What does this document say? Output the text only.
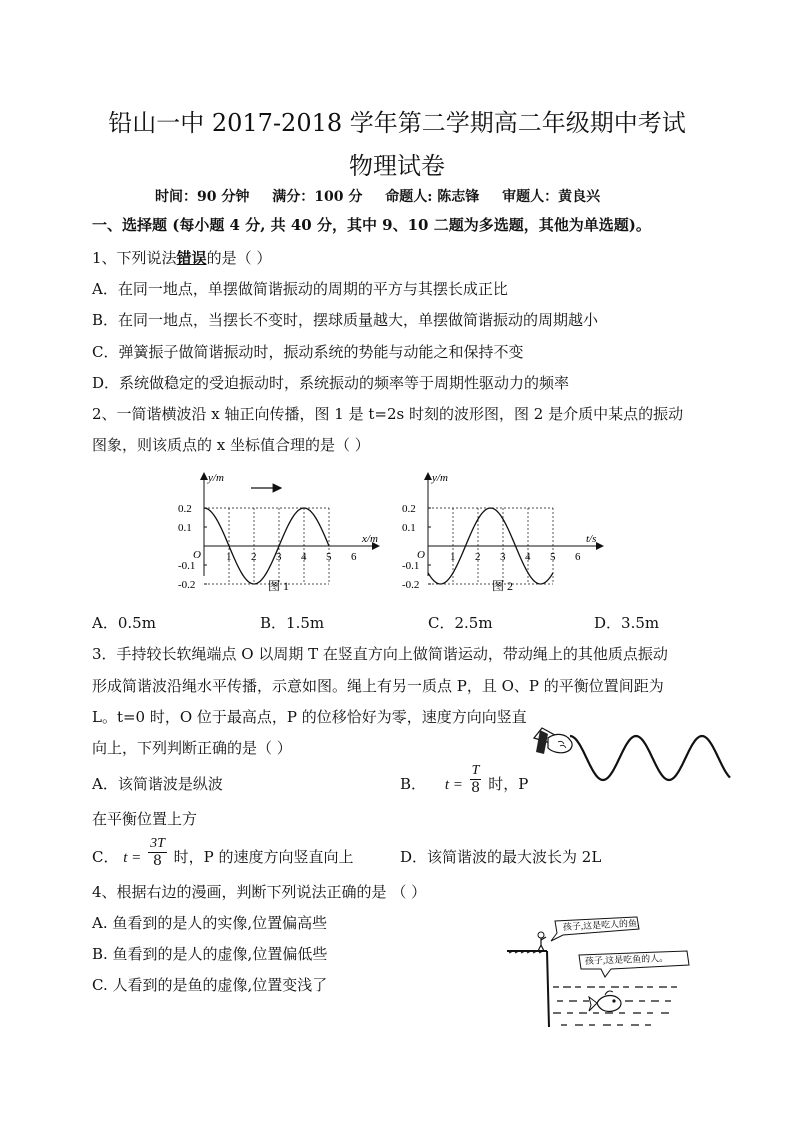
铅山一中 2017-2018 学年第二学期高二年级期中考试
物理试卷
时间：90 分钟 满分：100 分 命题人: 陈志锋 审题人：黄良兴
一、选择题 (每小题 4 分, 共 40 分，其中 9、10 二题为多选题，其他为单选题)。
1、下列说法错误的是（ ）
A．在同一地点，单摆做简谐振动的周期的平方与其摆长成正比
B．在同一地点，当摆长不变时，摆球质量越大，单摆做简谐振动的周期越小
C．弹簧振子做简谐振动时，振动系统的势能与动能之和保持不变
D．系统做稳定的受迫振动时，系统振动的频率等于周期性驱动力的频率
2、一简谐横波沿 x 轴正向传播，图 1 是 t=2s 时刻的波形图，图 2 是介质中某点的振动
图象，则该质点的 x 坐标值合理的是（ ）
y/m
x/m
O
0.2
0.1
-0.1
-0.2
1 2 3 4 5 6
图 1
y/m
t/s
O
0.2
0.1
-0.1
-0.2
1 2 3 4 5 6
图 2
A．0.5m	B．1.5m	C．2.5m	D．3.5m
3．手持较长软绳端点 O 以周期 T 在竖直方向上做简谐运动，带动绳上的其他质点振动
形成简谐波沿绳水平传播，示意如图。绳上有另一质点 P，且 O、P 的平衡位置间距为
L。t=0 时，O 位于最高点，P 的位移恰好为零，速度方向向竖直
向上，下列判断正确的是（ ）
A．该简谐波是纵波	B． $t = \frac{T}{8}$ 时，P
在平衡位置上方
C． $t = \frac{3T}{8}$ 时，P 的速度方向竖直向上	D．该简谐波的最大波长为 2L
4、根据右边的漫画，判断下列说法正确的是 （ ）
A. 鱼看到的是人的实像,位置偏高些
B. 鱼看到的是人的虚像,位置偏低些
C. 人看到的是鱼的虚像,位置变浅了
孩子,这是吃人的鱼,
孩子,这是吃鱼的人。
